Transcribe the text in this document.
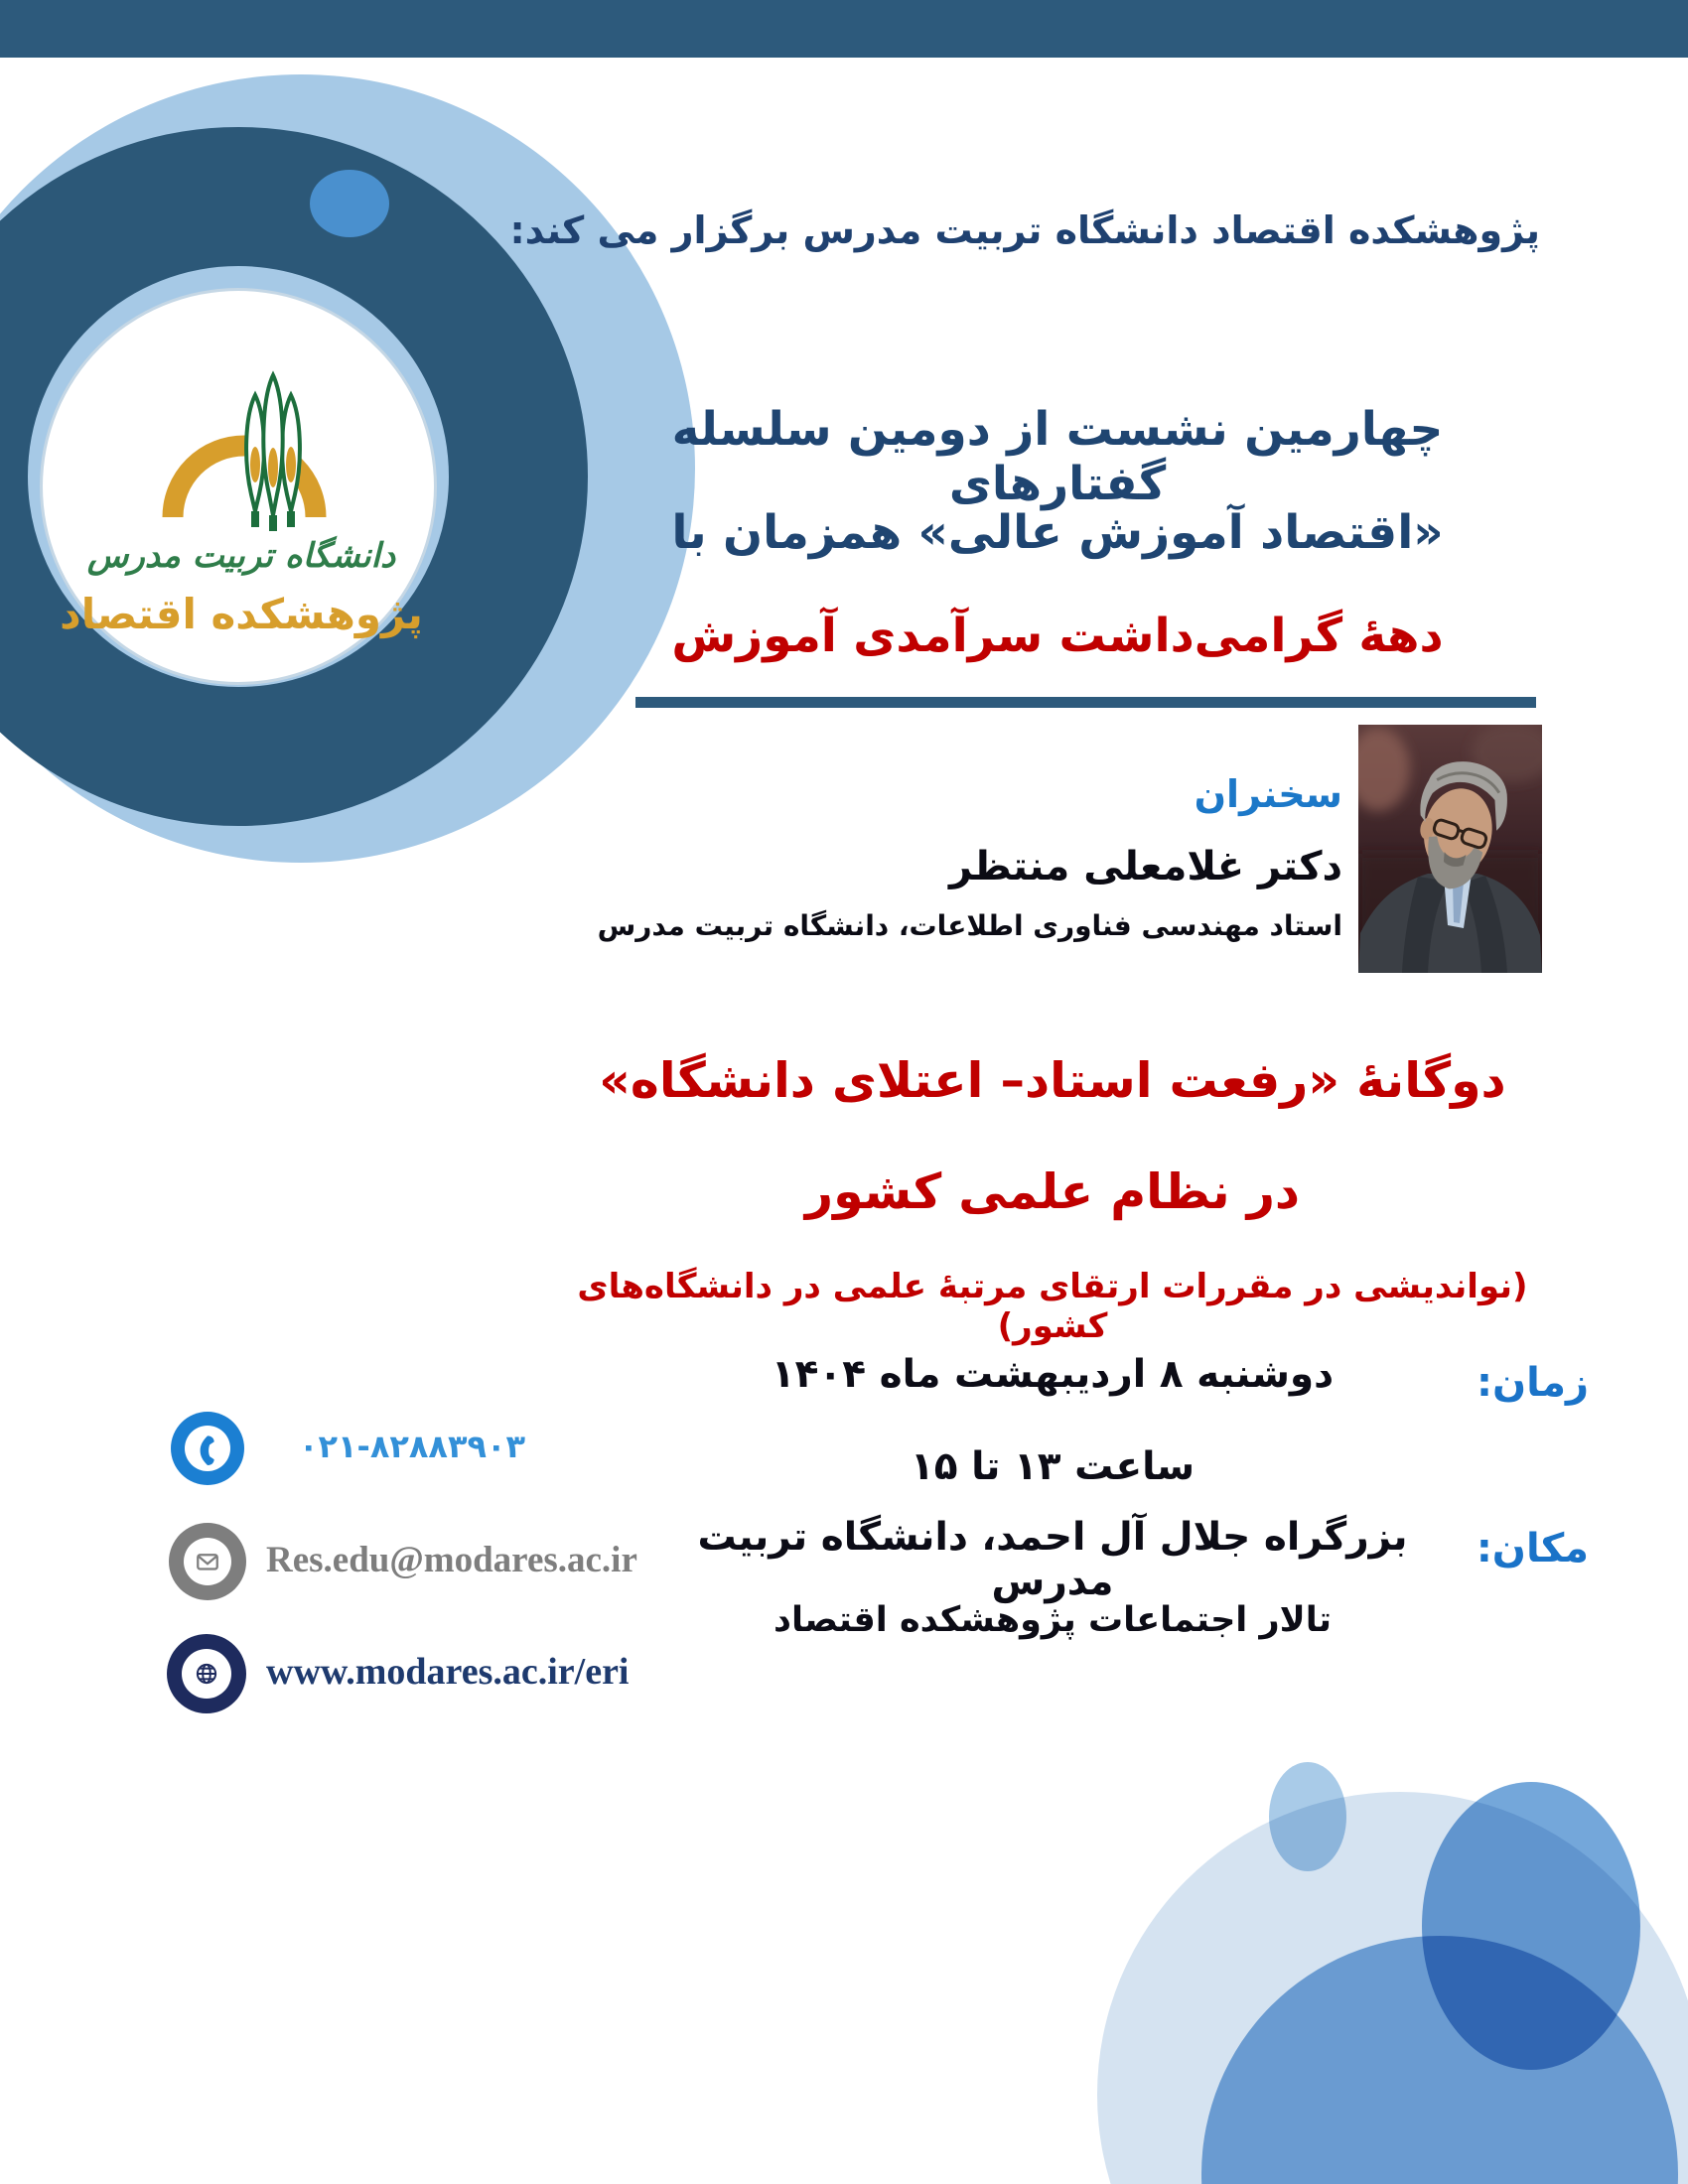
دانشگاه تربیت مدرس
پژوهشکده اقتصاد
پژوهشکده اقتصاد دانشگاه تربیت مدرس برگزار می کند:
چهارمین نشست از دومین سلسله گفتارهای
«اقتصاد آموزش عالی» همزمان با
دهۀ گرامی‌داشت سرآمدی آموزش
سخنران
دکتر غلامعلی منتظر
استاد مهندسی فناوری اطلاعات، دانشگاه تربیت مدرس
دوگانۀ «رفعت استاد– اعتلای دانشگاه»
در نظام علمی کشور
(نواندیشی در مقررات ارتقای مرتبۀ علمی در دانشگاه‌های کشور)
زمان:
دوشنبه ۸ اردیبهشت ماه ۱۴۰۴
ساعت ۱۳ تا ۱۵
مکان:
بزرگراه جلال آل احمد، دانشگاه تربیت مدرس
تالار اجتماعات پژوهشکده اقتصاد
۰۲۱-۸۲۸۸۳۹۰۳
Res.edu@modares.ac.ir
www.modares.ac.ir/eri
